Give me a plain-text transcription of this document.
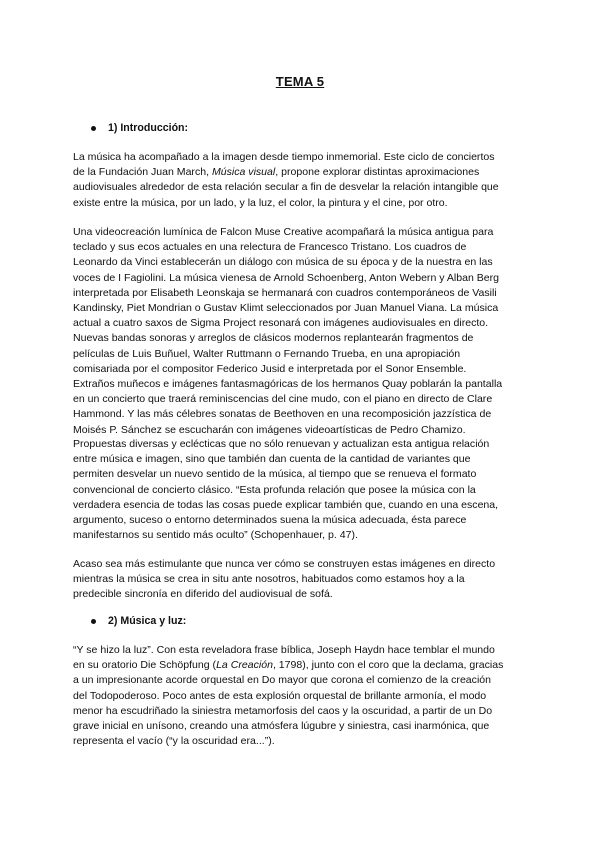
TEMA 5
1) Introducción:

La música ha acompañado a la imagen desde tiempo inmemorial. Este ciclo de conciertos
de la Fundación Juan March, Música visual, propone explorar distintas aproximaciones
audiovisuales alrededor de esta relación secular a fin de desvelar la relación intangible que
existe entre la música, por un lado, y la luz, el color, la pintura y el cine, por otro.

Una videocreación lumínica de Falcon Muse Creative acompañará la música antigua para
teclado y sus ecos actuales en una relectura de Francesco Tristano. Los cuadros de
Leonardo da Vinci establecerán un diálogo con música de su época y de la nuestra en las
voces de I Fagiolini. La música vienesa de Arnold Schoenberg, Anton Webern y Alban Berg
interpretada por Elisabeth Leonskaja se hermanará con cuadros contemporáneos de Vasili
Kandinsky, Piet Mondrian o Gustav Klimt seleccionados por Juan Manuel Viana. La música
actual a cuatro saxos de Sigma Project resonará con imágenes audiovisuales en directo.
Nuevas bandas sonoras y arreglos de clásicos modernos replantearán fragmentos de
películas de Luis Buñuel, Walter Ruttmann o Fernando Trueba, en una apropiación
comisariada por el compositor Federico Jusid e interpretada por el Sonor Ensemble.
Extraños muñecos e imágenes fantasmagóricas de los hermanos Quay poblarán la pantalla
en un concierto que traerá reminiscencias del cine mudo, con el piano en directo de Clare
Hammond. Y las más célebres sonatas de Beethoven en una recomposición jazzística de
Moisés P. Sánchez se escucharán con imágenes videoartísticas de Pedro Chamizo.

Propuestas diversas y eclécticas que no sólo renuevan y actualizan esta antigua relación
entre música e imagen, sino que también dan cuenta de la cantidad de variantes que
permiten desvelar un nuevo sentido de la música, al tiempo que se renueva el formato
convencional de concierto clásico. “Esta profunda relación que posee la música con la
verdadera esencia de todas las cosas puede explicar también que, cuando en una escena,
argumento, suceso o entorno determinados suena la música adecuada, ésta parece
manifestarnos su sentido más oculto” (Schopenhauer, p. 47).

Acaso sea más estimulante que nunca ver cómo se construyen estas imágenes en directo
mientras la música se crea in situ ante nosotros, habituados como estamos hoy a la
predecible sincronía en diferido del audiovisual de sofá.

2) Música y luz:

“Y se hizo la luz”. Con esta reveladora frase bíblica, Joseph Haydn hace temblar el mundo
en su oratorio Die Schöpfung (La Creación, 1798), junto con el coro que la declama, gracias
a un impresionante acorde orquestal en Do mayor que corona el comienzo de la creación
del Todopoderoso. Poco antes de esta explosión orquestal de brillante armonía, el modo
menor ha escudriñado la siniestra metamorfosis del caos y la oscuridad, a partir de un Do
grave inicial en unísono, creando una atmósfera lúgubre y siniestra, casi inarmónica, que
representa el vacío (“y la oscuridad era...”).
